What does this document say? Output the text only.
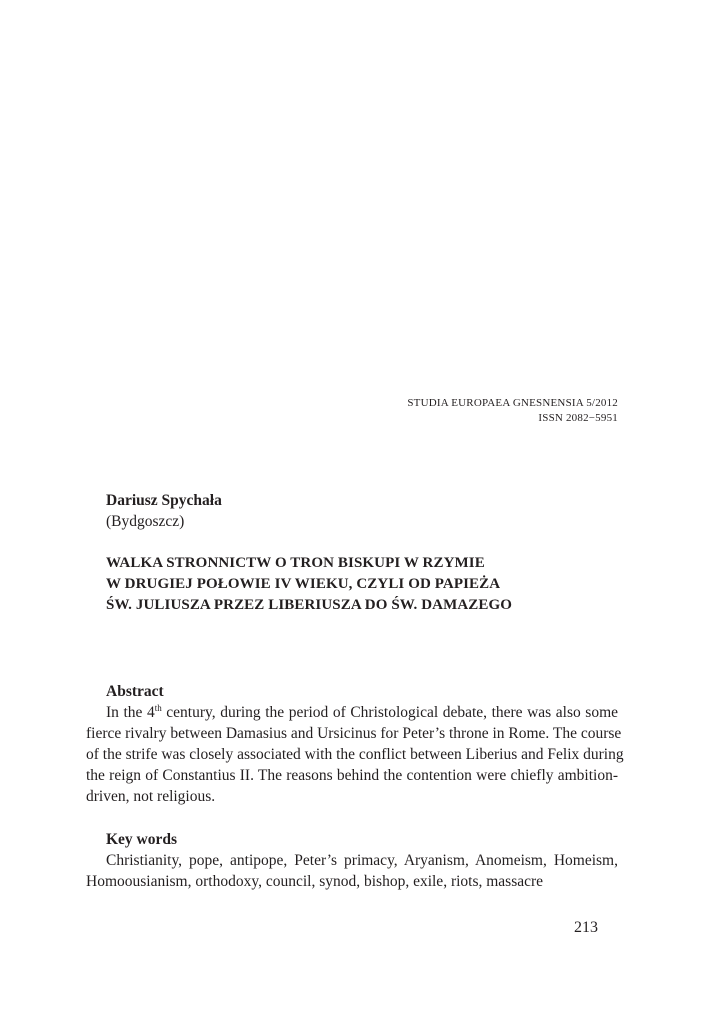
STUDIA EUROPAEA GNESNENSIA 5/2012
ISSN 2082−5951
Dariusz Spychała
(Bydgoszcz)
WALKA STRONNICTW O TRON BISKUPI W RZYMIE
W DRUGIEJ POŁOWIE IV WIEKU, CZYLI OD PAPIEŻA
ŚW. JULIUSZA PRZEZ LIBERIUSZA DO ŚW. DAMAZEGO
Abstract
In the 4th century, during the period of Christological debate, there was also some
fierce rivalry between Damasius and Ursicinus for Peter’s throne in Rome. The course
of the strife was closely associated with the conflict between Liberius and Felix during
the reign of Constantius II. The reasons behind the contention were chiefly ambition-
driven, not religious.
Key words
Christianity, pope, antipope, Peter’s primacy, Aryanism, Anomeism, Homeism,
Homoousianism, orthodoxy, council, synod, bishop, exile, riots, massacre
213
